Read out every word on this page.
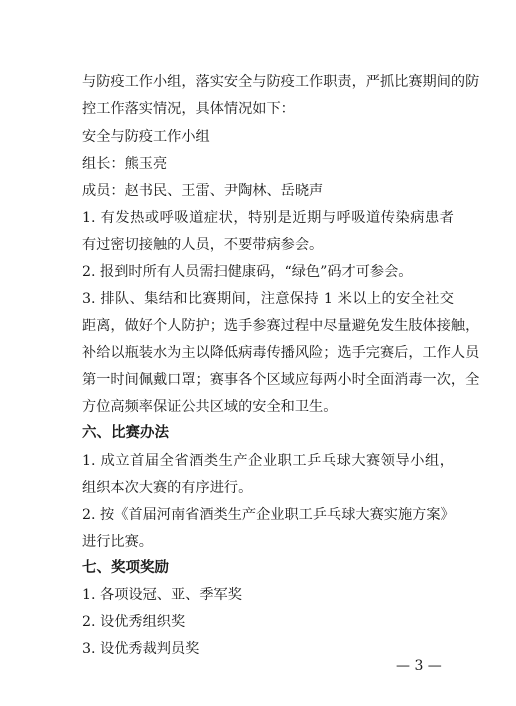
与防疫工作小组，落实安全与防疫工作职责，严抓比赛期间的防
控工作落实情况，具体情况如下：
安全与防疫工作小组
组长：熊玉亮
成员：赵书民、王雷、尹陶林、岳晓声
1. 有发热或呼吸道症状，特别是近期与呼吸道传染病患者
有过密切接触的人员，不要带病参会。
2. 报到时所有人员需扫健康码，“绿色”码才可参会。
3. 排队、集结和比赛期间，注意保持 1 米以上的安全社交
距离，做好个人防护；选手参赛过程中尽量避免发生肢体接触，
补给以瓶装水为主以降低病毒传播风险；选手完赛后，工作人员
第一时间佩戴口罩；赛事各个区域应每两小时全面消毒一次，全
方位高频率保证公共区域的安全和卫生。
六、比赛办法
1. 成立首届全省酒类生产企业职工乒乓球大赛领导小组，
组织本次大赛的有序进行。
2. 按《首届河南省酒类生产企业职工乒乓球大赛实施方案》
进行比赛。
七、奖项奖励
1. 各项设冠、亚、季军奖
2. 设优秀组织奖
3. 设优秀裁判员奖
— 3 —
